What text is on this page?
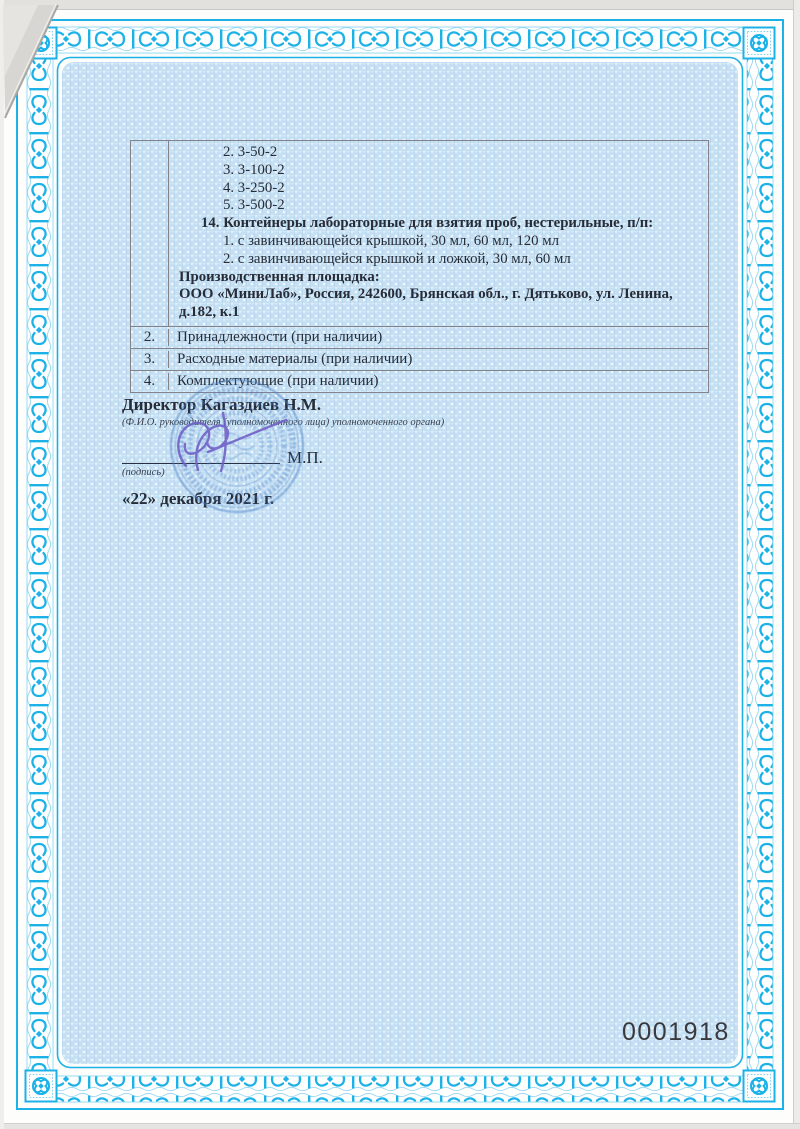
2. 3-50-2
3. 3-100-2
4. 3-250-2
5. 3-500-2
14. Контейнеры лабораторные для взятия проб, нестерильные, п/п:
1. с завинчивающейся крышкой, 30 мл, 60 мл, 120 мл
2. с завинчивающейся крышкой и ложкой, 30 мл, 60 мл
Производственная площадка:
ООО «МиниЛаб», Россия, 242600, Брянская обл., г. Дятьково, ул. Ленина, д.182, к.1
2.	Принадлежности (при наличии)
3.	Расходные материалы (при наличии)
4.	Комплектующие (при наличии)
Директор Кагаздиев Н.М.
(Ф.И.О. руководителя (уполномоченного лица) уполномоченного органа)
(подпись)
М.П.
«22» декабря 2021 г.
0001918
